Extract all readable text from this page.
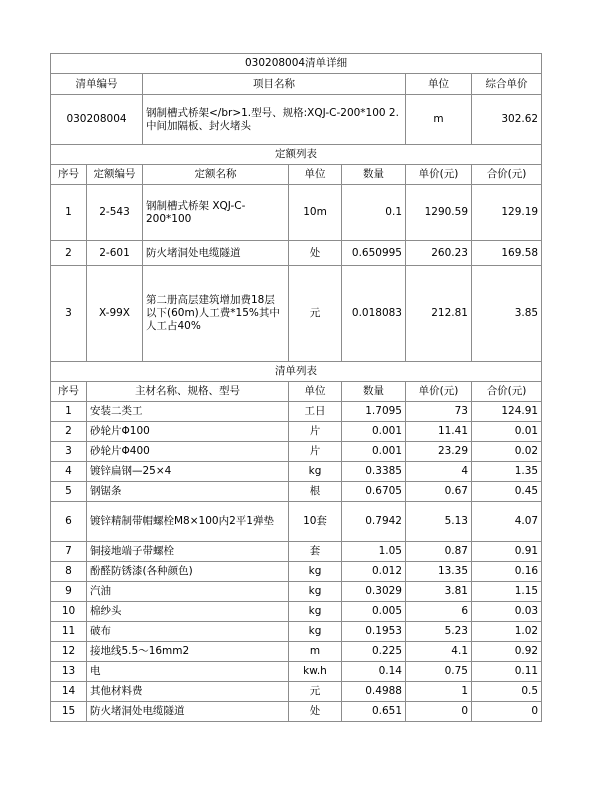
030208004清单详细						
清单编号		项目名称			单位	综合单价
030208004		钢制槽式桥架</br>1.型号、规格:XQJ-C-200*100 2.中间加隔板、封火堵头			m	302.62
定额列表						
序号	定额编号	定额名称	单位	数量	单价(元)	合价(元)
1	2-543	钢制槽式桥架 XQJ-C-200*100	10m	0.1	1290.59	129.19
2	2-601	防火堵洞处电缆隧道	处	0.650995	260.23	169.58
3	X-99X	第二册高层建筑增加费18层以下(60m)人工费*15%其中人工占40%	元	0.018083	212.81	3.85
清单列表						
序号	主材名称、规格、型号		单位	数量	单价(元)	合价(元)
1	安装二类工		工日	1.7095	73	124.91
2	砂轮片Φ100		片	0.001	11.41	0.01
3	砂轮片Φ400		片	0.001	23.29	0.02
4	镀锌扁钢—25×4		kg	0.3385	4	1.35
5	钢锯条		根	0.6705	0.67	0.45
6	镀锌精制带帽螺栓M8×100内2平1弹垫		10套	0.7942	5.13	4.07
7	铜接地端子带螺栓		套	1.05	0.87	0.91
8	酚醛防锈漆(各种颜色)		kg	0.012	13.35	0.16
9	汽油		kg	0.3029	3.81	1.15
10	棉纱头		kg	0.005	6	0.03
11	破布		kg	0.1953	5.23	1.02
12	接地线5.5～16mm2		m	0.225	4.1	0.92
13	电		kw.h	0.14	0.75	0.11
14	其他材料费		元	0.4988	1	0.5
15	防火堵洞处电缆隧道		处	0.651	0	0
